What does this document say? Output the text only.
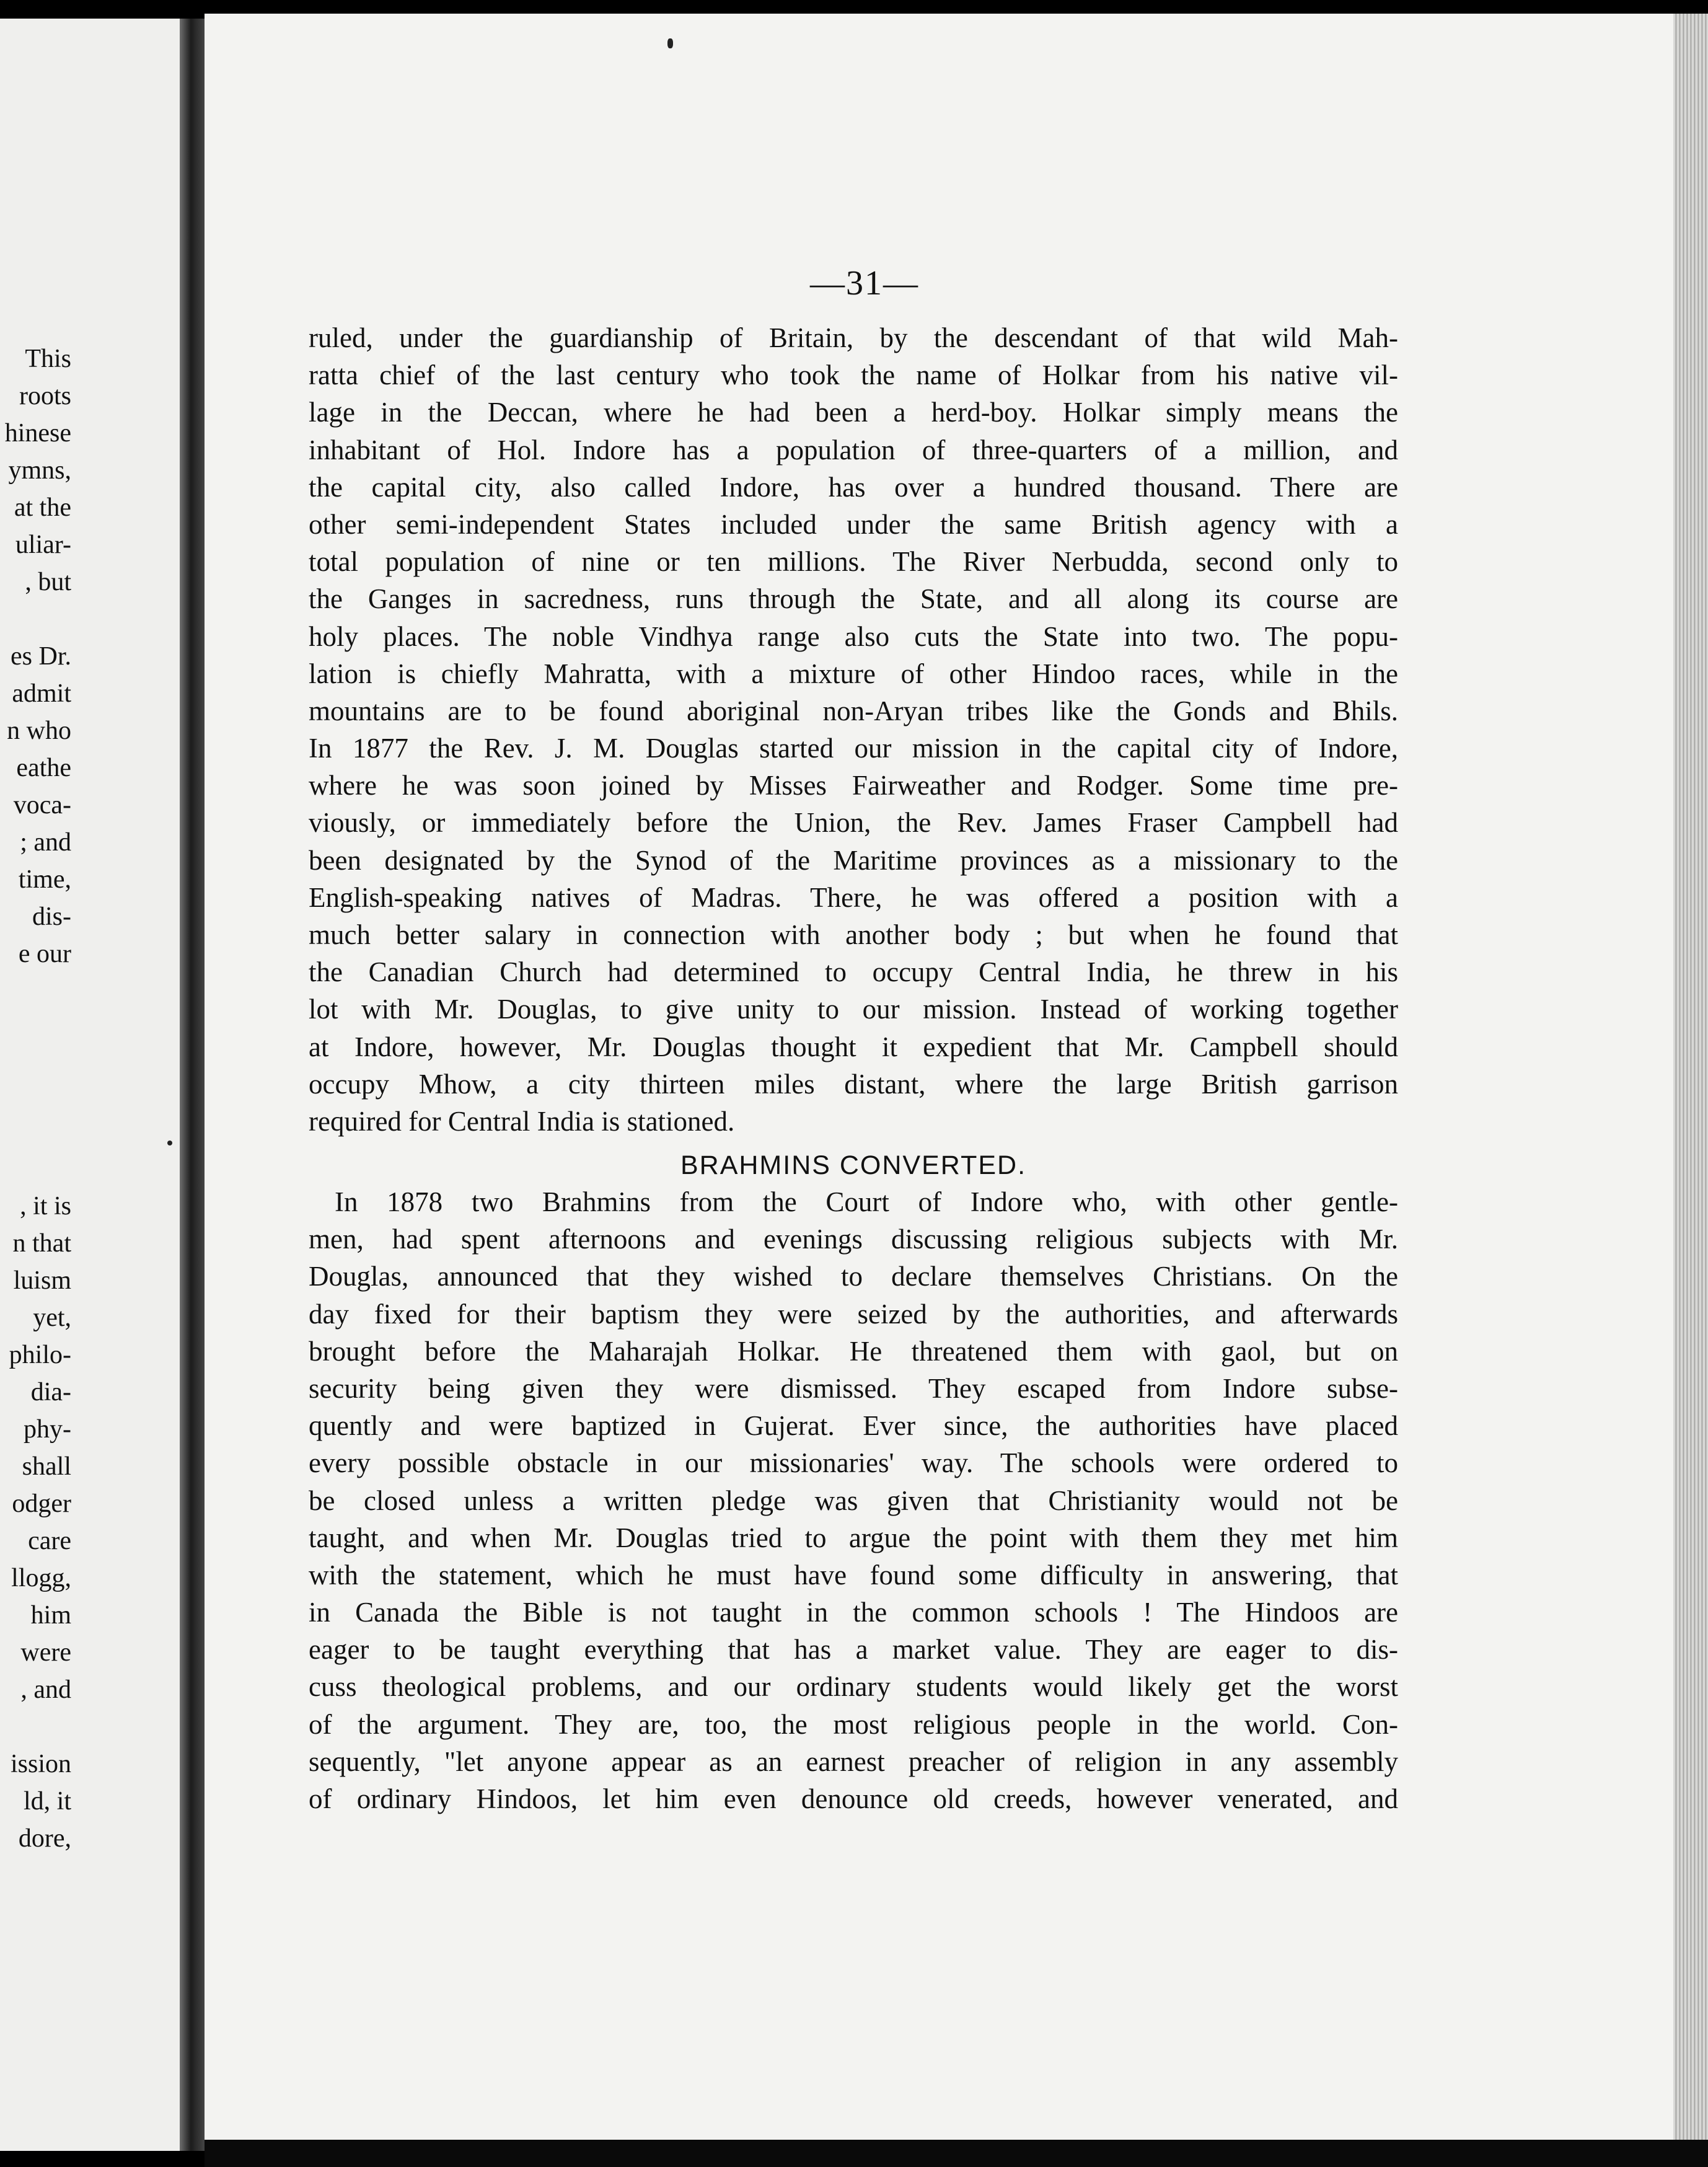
This
roots
hinese
ymns,
at the
uliar-
, but
es Dr.
admit
n who
eathe
voca-
; and
time,
dis-
e our
, it is
n that
luism
yet,
philo-
dia-
phy-
shall
odger
care
llogg,
him
were
, and
ission
ld, it
dore,
—31—
ruled, under the guardianship of Britain, by the descendant of that wild Mah-
ratta chief of the last century who took the name of Holkar from his native vil-
lage in the Deccan, where he had been a herd-boy. Holkar simply means the
inhabitant of Hol. Indore has a population of three-quarters of a million, and
the capital city, also called Indore, has over a hundred thousand. There are
other semi-independent States included under the same British agency with a
total population of nine or ten millions. The River Nerbudda, second only to
the Ganges in sacredness, runs through the State, and all along its course are
holy places. The noble Vindhya range also cuts the State into two. The popu-
lation is chiefly Mahratta, with a mixture of other Hindoo races, while in the
mountains are to be found aboriginal non-Aryan tribes like the Gonds and Bhils.
In 1877 the Rev. J. M. Douglas started our mission in the capital city of Indore,
where he was soon joined by Misses Fairweather and Rodger. Some time pre-
viously, or immediately before the Union, the Rev. James Fraser Campbell had
been designated by the Synod of the Maritime provinces as a missionary to the
English-speaking natives of Madras. There, he was offered a position with a
much better salary in connection with another body ; but when he found that
the Canadian Church had determined to occupy Central India, he threw in his
lot with Mr. Douglas, to give unity to our mission. Instead of working together
at Indore, however, Mr. Douglas thought it expedient that Mr. Campbell should
occupy Mhow, a city thirteen miles distant, where the large British garrison
required for Central India is stationed.
BRAHMINS CONVERTED.
In 1878 two Brahmins from the Court of Indore who, with other gentle-
men, had spent afternoons and evenings discussing religious subjects with Mr.
Douglas, announced that they wished to declare themselves Christians. On the
day fixed for their baptism they were seized by the authorities, and afterwards
brought before the Maharajah Holkar. He threatened them with gaol, but on
security being given they were dismissed. They escaped from Indore subse-
quently and were baptized in Gujerat. Ever since, the authorities have placed
every possible obstacle in our missionaries' way. The schools were ordered to
be closed unless a written pledge was given that Christianity would not be
taught, and when Mr. Douglas tried to argue the point with them they met him
with the statement, which he must have found some difficulty in answering, that
in Canada the Bible is not taught in the common schools ! The Hindoos are
eager to be taught everything that has a market value. They are eager to dis-
cuss theological problems, and our ordinary students would likely get the worst
of the argument. They are, too, the most religious people in the world. Con-
sequently, "let anyone appear as an earnest preacher of religion in any assembly
of ordinary Hindoos, let him even denounce old creeds, however venerated, and
